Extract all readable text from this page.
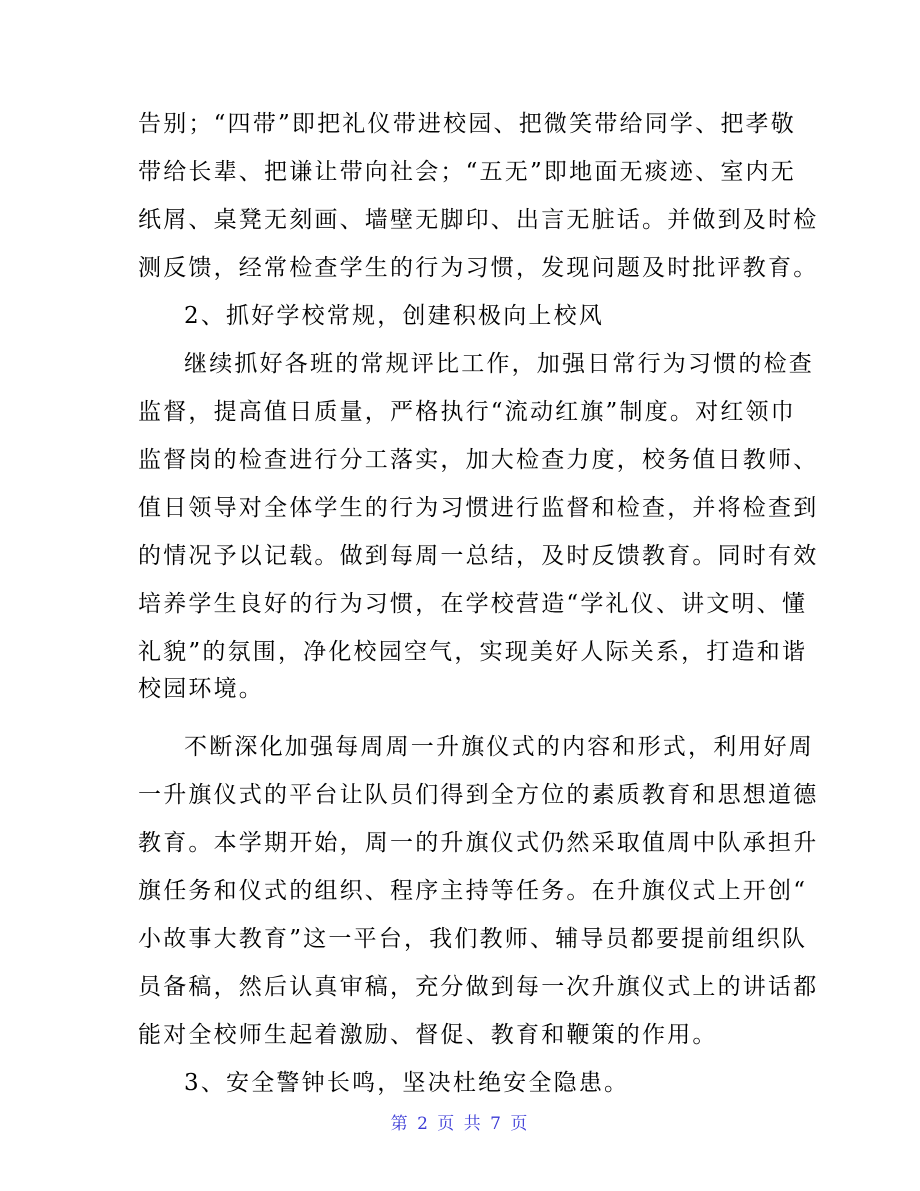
告别；“四带”即把礼仪带进校园、把微笑带给同学、把孝敬
带给长辈、把谦让带向社会；“五无”即地面无痰迹、室内无
纸屑、桌凳无刻画、墙壁无脚印、出言无脏话。并做到及时检
测反馈，经常检查学生的行为习惯，发现问题及时批评教育。
2、抓好学校常规，创建积极向上校风
继续抓好各班的常规评比工作，加强日常行为习惯的检查
监督，提高值日质量，严格执行“流动红旗”制度。对红领巾
监督岗的检查进行分工落实，加大检查力度，校务值日教师、
值日领导对全体学生的行为习惯进行监督和检查，并将检查到
的情况予以记载。做到每周一总结，及时反馈教育。同时有效
培养学生良好的行为习惯，在学校营造“学礼仪、讲文明、懂
礼貌”的氛围，净化校园空气，实现美好人际关系，打造和谐
校园环境。
不断深化加强每周周一升旗仪式的内容和形式，利用好周
一升旗仪式的平台让队员们得到全方位的素质教育和思想道德
教育。本学期开始，周一的升旗仪式仍然采取值周中队承担升
旗任务和仪式的组织、程序主持等任务。在升旗仪式上开创“
小故事大教育”这一平台，我们教师、辅导员都要提前组织队
员备稿，然后认真审稿，充分做到每一次升旗仪式上的讲话都
能对全校师生起着激励、督促、教育和鞭策的作用。
3、安全警钟长鸣，坚决杜绝安全隐患。
第 2 页 共 7 页
